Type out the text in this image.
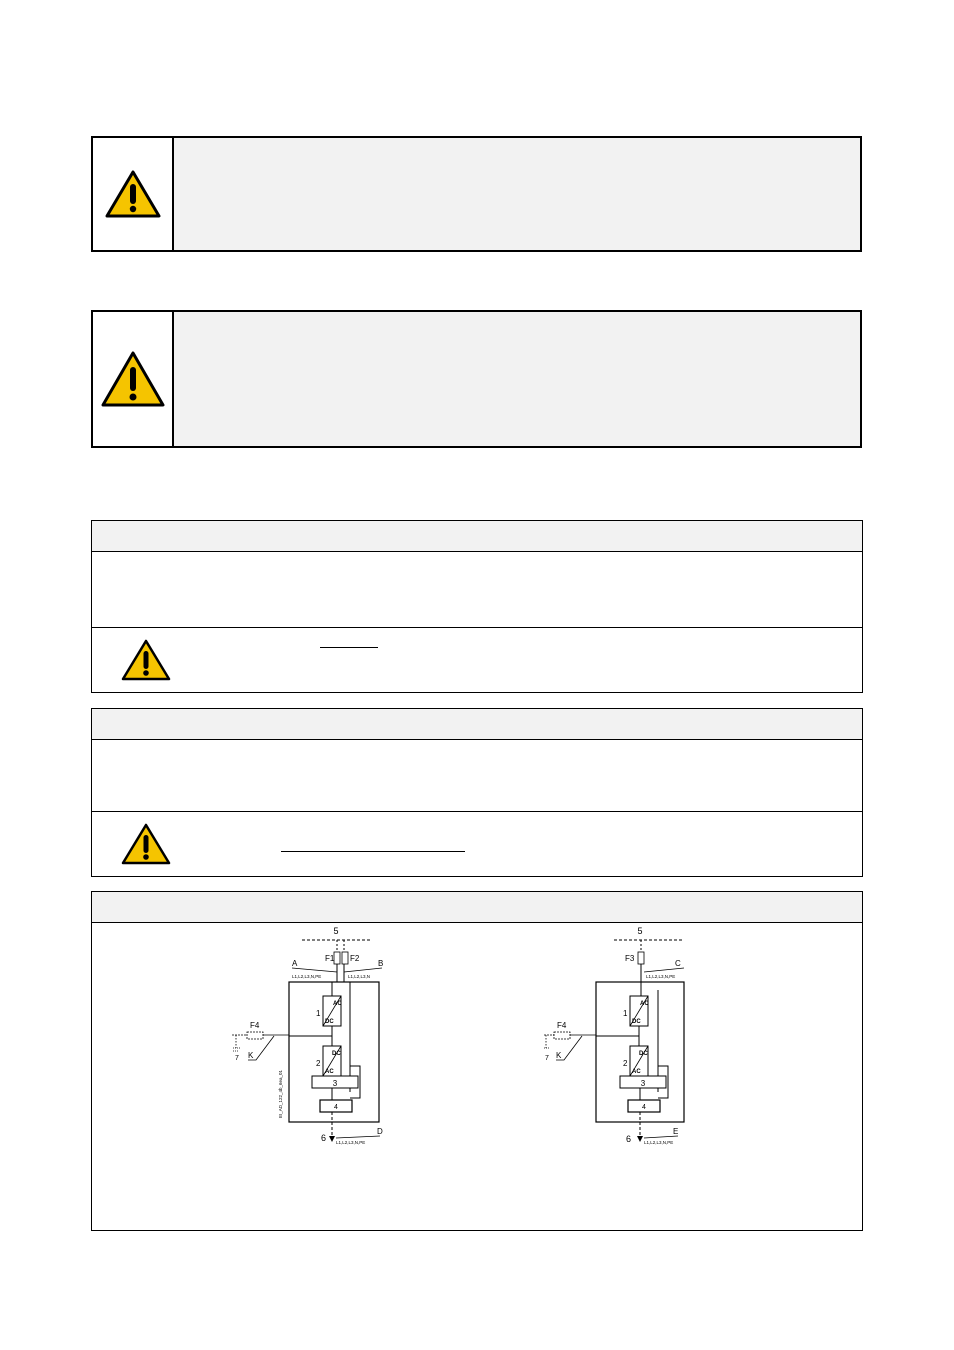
5
F1 F2
A	B
L1,L2,L3,N,PE	L1,L2,L3,N
AC
DC
1
DC
AC
2
3
4
6
D
L1,L2,L3,N,PE
F4
7 K
EI_AD_122_4b_6ea_01
5
F3
C
L1,L2,L3,N,PE
AC
DC
1
DC
AC
2
3
4
6
E
L1,L2,L3,N,PE
F4
7 K
